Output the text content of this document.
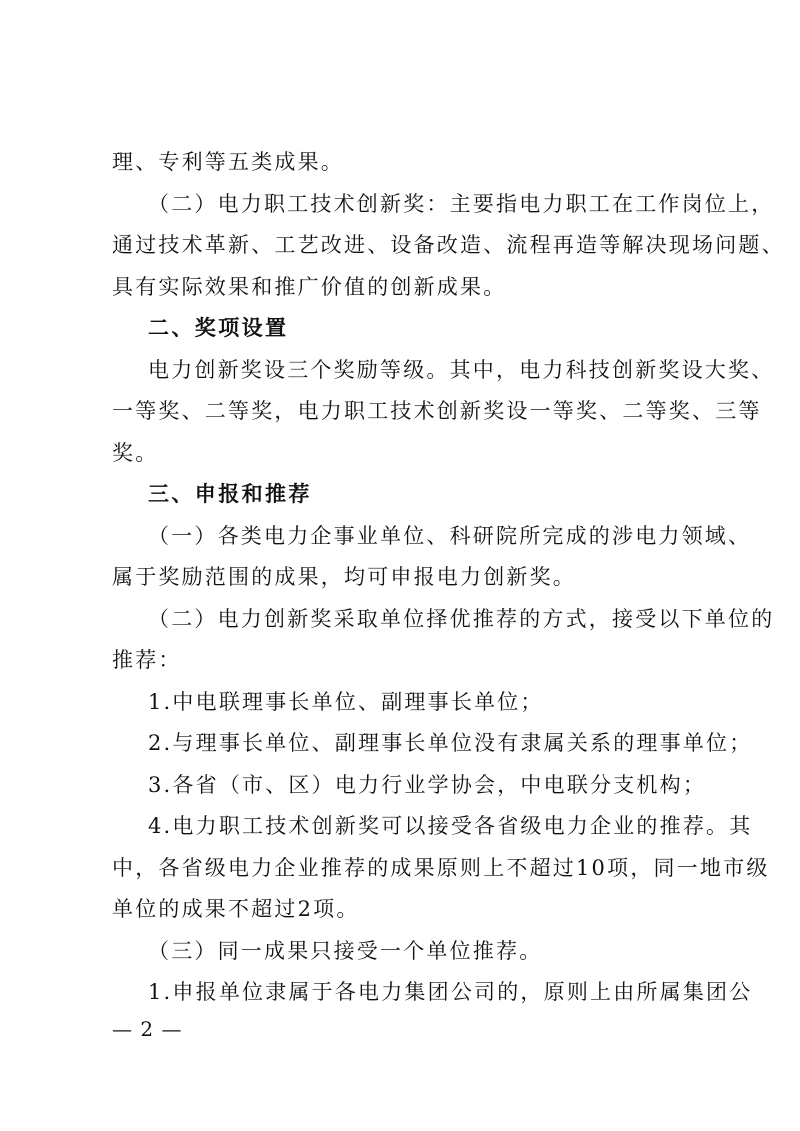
理、专利等五类成果。
（二）电力职工技术创新奖：主要指电力职工在工作岗位上，
通过技术革新、工艺改进、设备改造、流程再造等解决现场问题、
具有实际效果和推广价值的创新成果。
二、奖项设置
电力创新奖设三个奖励等级。其中，电力科技创新奖设大奖、
一等奖、二等奖，电力职工技术创新奖设一等奖、二等奖、三等
奖。
三、申报和推荐
（一）各类电力企事业单位、科研院所完成的涉电力领域、
属于奖励范围的成果，均可申报电力创新奖。
（二）电力创新奖采取单位择优推荐的方式，接受以下单位的
推荐：
1.中电联理事长单位、副理事长单位；
2.与理事长单位、副理事长单位没有隶属关系的理事单位；
3.各省（市、区）电力行业学协会，中电联分支机构；
4.电力职工技术创新奖可以接受各省级电力企业的推荐。其
中，各省级电力企业推荐的成果原则上不超过10项，同一地市级
单位的成果不超过2项。
（三）同一成果只接受一个单位推荐。
1.申报单位隶属于各电力集团公司的，原则上由所属集团公
— 2 —
